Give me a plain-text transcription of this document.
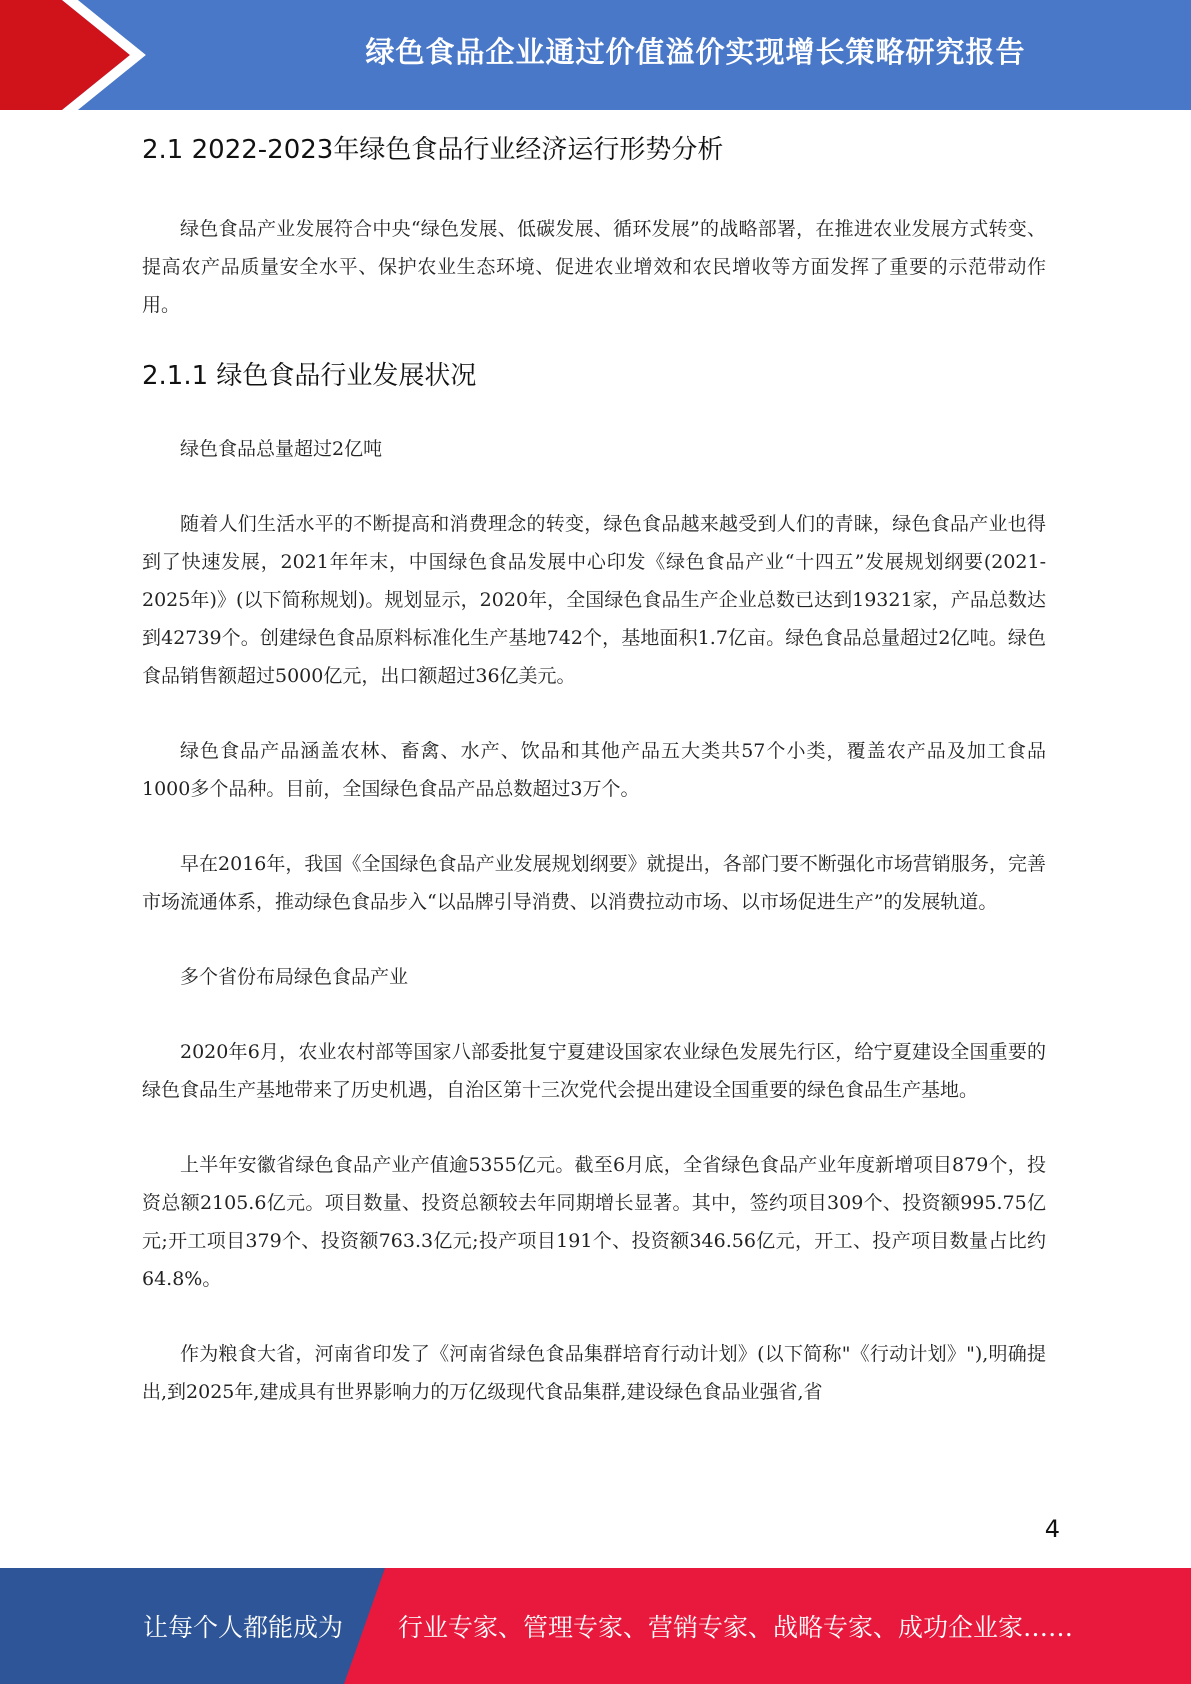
绿色食品企业通过价值溢价实现增长策略研究报告
2.1 2022-2023年绿色食品行业经济运行形势分析

绿色食品产业发展符合中央“绿色发展、低碳发展、循环发展”的战略部署，在推进农业发展方式转变、提高农产品质量安全水平、保护农业生态环境、促进农业增效和农民增收等方面发挥了重要的示范带动作用。

2.1.1 绿色食品行业发展状况

绿色食品总量超过2亿吨

随着人们生活水平的不断提高和消费理念的转变，绿色食品越来越受到人们的青睐，绿色食品产业也得到了快速发展，2021年年末，中国绿色食品发展中心印发《绿色食品产业“十四五”发展规划纲要(2021-2025年)》(以下简称规划)。规划显示，2020年，全国绿色食品生产企业总数已达到19321家，产品总数达到42739个。创建绿色食品原料标准化生产基地742个，基地面积1.7亿亩。绿色食品总量超过2亿吨。绿色食品销售额超过5000亿元，出口额超过36亿美元。

绿色食品产品涵盖农林、畜禽、水产、饮品和其他产品五大类共57个小类，覆盖农产品及加工食品1000多个品种。目前，全国绿色食品产品总数超过3万个。

早在2016年，我国《全国绿色食品产业发展规划纲要》就提出，各部门要不断强化市场营销服务，完善市场流通体系，推动绿色食品步入“以品牌引导消费、以消费拉动市场、以市场促进生产”的发展轨道。

多个省份布局绿色食品产业

2020年6月，农业农村部等国家八部委批复宁夏建设国家农业绿色发展先行区，给宁夏建设全国重要的绿色食品生产基地带来了历史机遇，自治区第十三次党代会提出建设全国重要的绿色食品生产基地。

上半年安徽省绿色食品产业产值逾5355亿元。截至6月底，全省绿色食品产业年度新增项目879个，投资总额2105.6亿元。项目数量、投资总额较去年同期增长显著。其中，签约项目309个、投资额995.75亿元;开工项目379个、投资额763.3亿元;投产项目191个、投资额346.56亿元，开工、投产项目数量占比约64.8%。

作为粮食大省，河南省印发了《河南省绿色食品集群培育行动计划》(以下简称"《行动计划》"),明确提出,到2025年,建成具有世界影响力的万亿级现代食品集群,建设绿色食品业强省,省

4
让每个人都能成为 行业专家、管理专家、营销专家、战略专家、成功企业家……
